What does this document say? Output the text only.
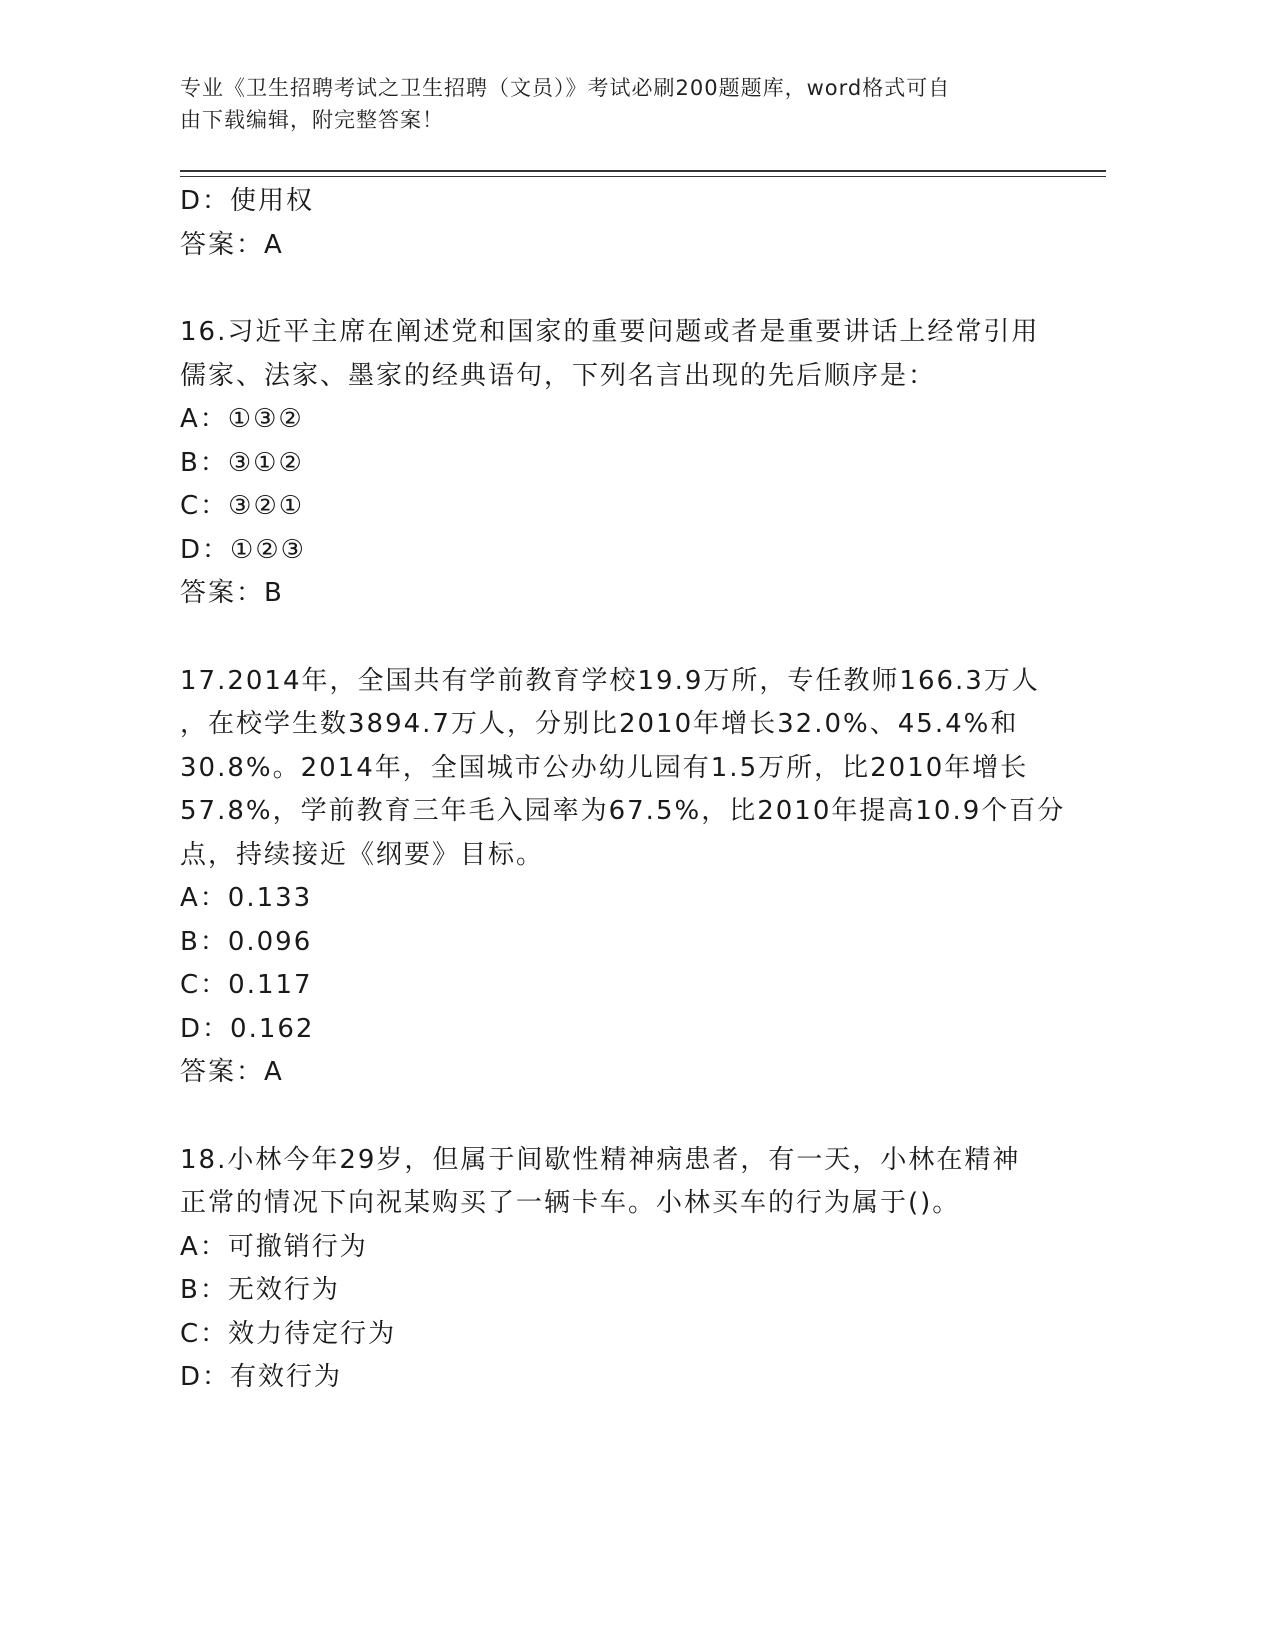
专业《卫生招聘考试之卫生招聘（文员）》考试必刷200题题库，word格式可自
由下载编辑，附完整答案！
D：使用权
答案：A
16.习近平主席在阐述党和国家的重要问题或者是重要讲话上经常引用
儒家、法家、墨家的经典语句，下列名言出现的先后顺序是：
A：①③②
B：③①②
C：③②①
D：①②③
答案：B
17.2014年，全国共有学前教育学校19.9万所，专任教师166.3万人
，在校学生数3894.7万人，分别比2010年增长32.0%、45.4%和
30.8%。2014年，全国城市公办幼儿园有1.5万所，比2010年增长
57.8%，学前教育三年毛入园率为67.5%，比2010年提高10.9个百分
点，持续接近《纲要》目标。
A：0.133
B：0.096
C：0.117
D：0.162
答案：A
18.小林今年29岁，但属于间歇性精神病患者，有一天，小林在精神
正常的情况下向祝某购买了一辆卡车。小林买车的行为属于()。
A：可撤销行为
B：无效行为
C：效力待定行为
D：有效行为
